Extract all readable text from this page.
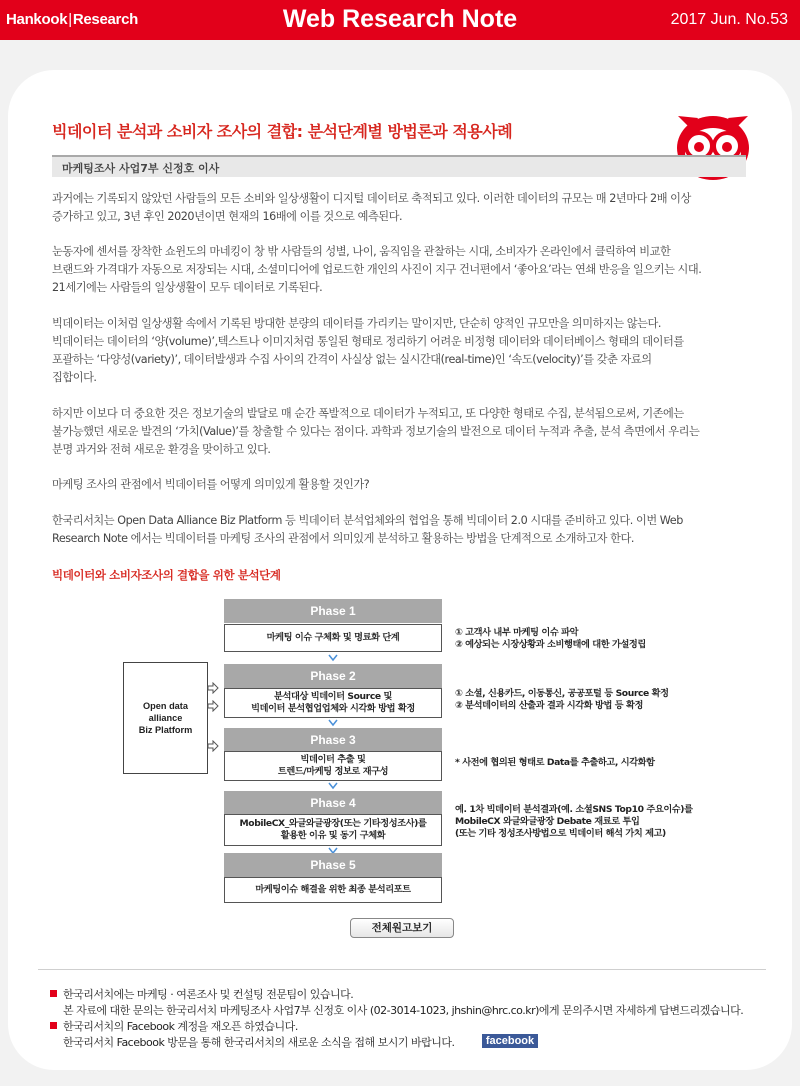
Hankook|Research	Web Research Note	2017 Jun. No.53
빅데이터 분석과 소비자 조사의 결합: 분석단계별 방법론과 적용사례
마케팅조사 사업7부 신정호 이사
과거에는 기록되지 않았던 사람들의 모든 소비와 일상생활이 디지털 데이터로 축적되고 있다. 이러한 데이터의 규모는 매 2년마다 2배 이상
증가하고 있고, 3년 후인 2020년이면 현재의 16배에 이를 것으로 예측된다.
눈동자에 센서를 장착한 쇼윈도의 마네킹이 창 밖 사람들의 성별, 나이, 움직임을 관찰하는 시대, 소비자가 온라인에서 클릭하여 비교한
브랜드와 가격대가 자동으로 저장되는 시대, 소셜미디어에 업로드한 개인의 사진이 지구 건너편에서 ‘좋아요’라는 연쇄 반응을 일으키는 시대.
21세기에는 사람들의 일상생활이 모두 데이터로 기록된다.
빅데이터는 이처럼 일상생활 속에서 기록된 방대한 분량의 데이터를 가리키는 말이지만, 단순히 양적인 규모만을 의미하지는 않는다.
빅데이터는 데이터의 ‘양(volume)’,텍스트나 이미지처럼 통일된 형태로 정리하기 어려운 비정형 데이터와 데이터베이스 형태의 데이터를
포괄하는 ‘다양성(variety)’, 데이터발생과 수집 사이의 간격이 사실상 없는 실시간대(real-time)인 ‘속도(velocity)’를 갖춘 자료의
집합이다.
하지만 이보다 더 중요한 것은 정보기술의 발달로 매 순간 폭발적으로 데이터가 누적되고, 또 다양한 형태로 수집, 분석됨으로써, 기존에는
불가능했던 새로운 발견의 ‘가치(Value)’를 창출할 수 있다는 점이다. 과학과 정보기술의 발전으로 데이터 누적과 추출, 분석 측면에서 우리는
분명 과거와 전혀 새로운 환경을 맞이하고 있다.
마케팅 조사의 관점에서 빅데이터를 어떻게 의미있게 활용할 것인가?
한국리서치는 Open Data Alliance Biz Platform 등 빅데이터 분석업체와의 협업을 통해 빅데이터 2.0 시대를 준비하고 있다. 이번 Web
Research Note 에서는 빅데이터를 마케팅 조사의 관점에서 의미있게 분석하고 활용하는 방법을 단계적으로 소개하고자 한다.
빅데이터와 소비자조사의 결합을 위한 분석단계
Open data
alliance
Biz Platform
Phase 1
마케팅 이슈 구체화 및 명료화 단계
Phase 2
분석대상 빅데이터 Source 및
빅데이터 분석협업업체와 시각화 방법 확정
Phase 3
빅데이터 추출 및
트렌드/마케팅 정보로 재구성
Phase 4
MobileCX_와글와글광장(또는 기타정성조사)를
활용한 이유 및 동기 구체화
Phase 5
마케팅이슈 해결을 위한 최종 분석리포트
① 고객사 내부 마케팅 이슈 파악
② 예상되는 시장상황과 소비행태에 대한 가설정립
① 소셜, 신용카드, 이동통신, 공공포털 등 Source 확정
② 분석데이터의 산출과 결과 시각화 방법 등 확정
* 사전에 협의된 형태로 Data를 추출하고, 시각화함
예. 1차 빅데이터 분석결과(예. 소셜SNS Top10 주요이슈)를
MobileCX 와글와글광장 Debate 재료로 투입
(또는 기타 정성조사방법으로 빅데이터 해석 가치 제고)
전체원고보기
한국리서치에는 마케팅 · 여론조사 및 컨설팅 전문팀이 있습니다.
본 자료에 대한 문의는 한국리서치 마케팅조사 사업7부 신정호 이사 (02-3014-1023, jhshin@hrc.co.kr)에게 문의주시면 자세하게 답변드리겠습니다.
한국리서치의 Facebook 계정을 재오픈 하였습니다.
한국리서치 Facebook 방문을 통해 한국리서치의 새로운 소식을 접해 보시기 바랍니다.	facebook
